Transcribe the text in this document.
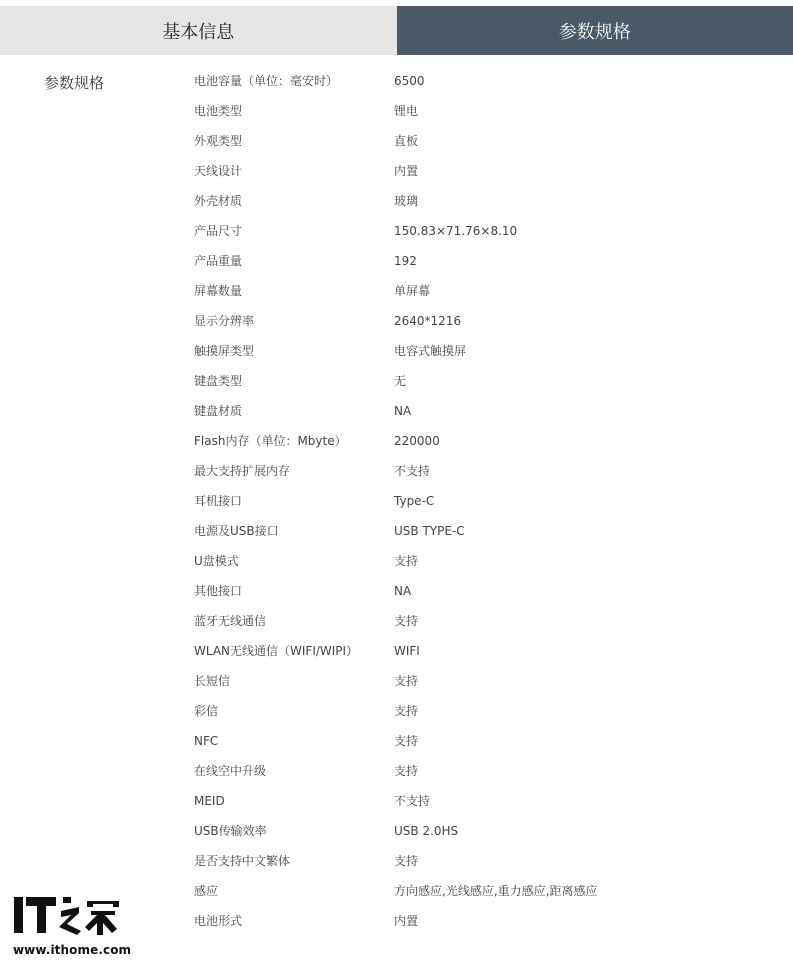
基本信息	参数规格
参数规格	电池容量（单位：毫安时）	6500
电池类型	锂电
外观类型	直板
天线设计	内置
外壳材质	玻璃
产品尺寸	150.83×71.76×8.10
产品重量	192
屏幕数量	单屏幕
显示分辨率	2640*1216
触摸屏类型	电容式触摸屏
键盘类型	无
键盘材质	NA
Flash内存（单位：Mbyte）	220000
最大支持扩展内存	不支持
耳机接口	Type-C
电源及USB接口	USB TYPE-C
U盘模式	支持
其他接口	NA
蓝牙无线通信	支持
WLAN无线通信（WIFI/WIPI）	WIFI
长短信	支持
彩信	支持
NFC	支持
在线空中升级	支持
MEID	不支持
USB传输效率	USB 2.0HS
是否支持中文繁体	支持
感应	方向感应,光线感应,重力感应,距离感应
电池形式	内置
www.ithome.com
